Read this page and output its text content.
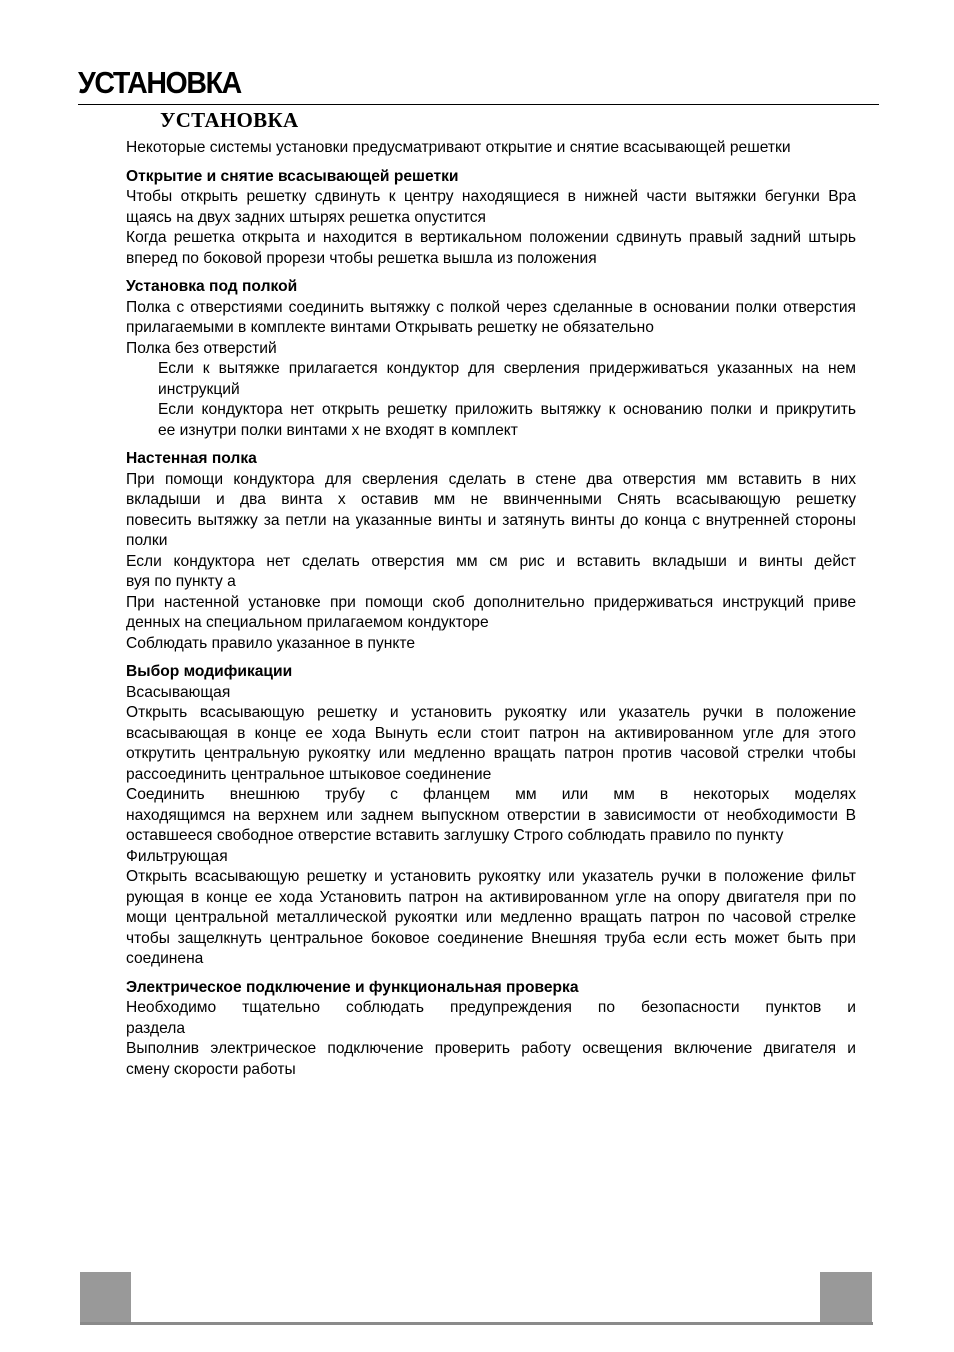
УСТАНОВКА
УСТАНОВКА

Некоторые системы установки предусматривают открытие и снятие всасывающей решетки

Открытие и снятие всасывающей решетки

Чтобы открыть решетку сдвинуть к центру находящиеся в нижней части вытяжки бегунки Вра

щаясь на двух задних штырях решетка опустится

Когда решетка открыта и находится в вертикальном положении сдвинуть правый задний штырь

вперед по боковой прорези чтобы решетка вышла из положения

Установка под полкой

Полка с отверстиями соединить вытяжку с полкой через сделанные в основании полки отверстия

прилагаемыми в комплекте винтами Открывать решетку не обязательно

Полка без отверстий

Если к вытяжке прилагается кондуктор для сверления придерживаться указанных на нем

инструкций

Если кондуктора нет открыть решетку приложить вытяжку к основанию полки и прикрутить

ее изнутри полки винтами x не входят в комплект

Настенная полка

При помощи кондуктора для сверления сделать в стене два отверстия мм вставить в них

вкладыши и два винта x оставив мм не ввинченными Снять всасывающую решетку

повесить вытяжку за петли на указанные винты и затянуть винты до конца с внутренней стороны

полки

Если кондуктора нет сделать отверстия мм см рис и вставить вкладыши и винты дейст

вуя по пункту а

При настенной установке при помощи скоб дополнительно придерживаться инструкций приве

денных на специальном прилагаемом кондукторе

Соблюдать правило указанное в пункте

Выбор модификации

Всасывающая

Открыть всасывающую решетку и установить рукоятку или указатель ручки в положение

всасывающая в конце ее хода Вынуть если стоит патрон на активированном угле для этого

открутить центральную рукоятку или медленно вращать патрон против часовой стрелки чтобы

рассоединить центральное штыковое соединение

Соединить внешнюю трубу с фланцем мм или мм в некоторых моделях

находящимся на верхнем или заднем выпускном отверстии в зависимости от необходимости В

оставшееся свободное отверстие вставить заглушку Строго соблюдать правило по пункту

Фильтрующая

Открыть всасывающую решетку и установить рукоятку или указатель ручки в положение фильт

рующая в конце ее хода Установить патрон на активированном угле на опору двигателя при по

мощи центральной металлической рукоятки или медленно вращать патрон по часовой стрелке

чтобы защелкнуть центральное боковое соединение Внешняя труба если есть может быть при

соединена

Электрическое подключение и функциональная проверка

Необходимо тщательно соблюдать предупреждения по безопасности пунктов и

раздела

Выполнив электрическое подключение проверить работу освещения включение двигателя и

смену скорости работы
